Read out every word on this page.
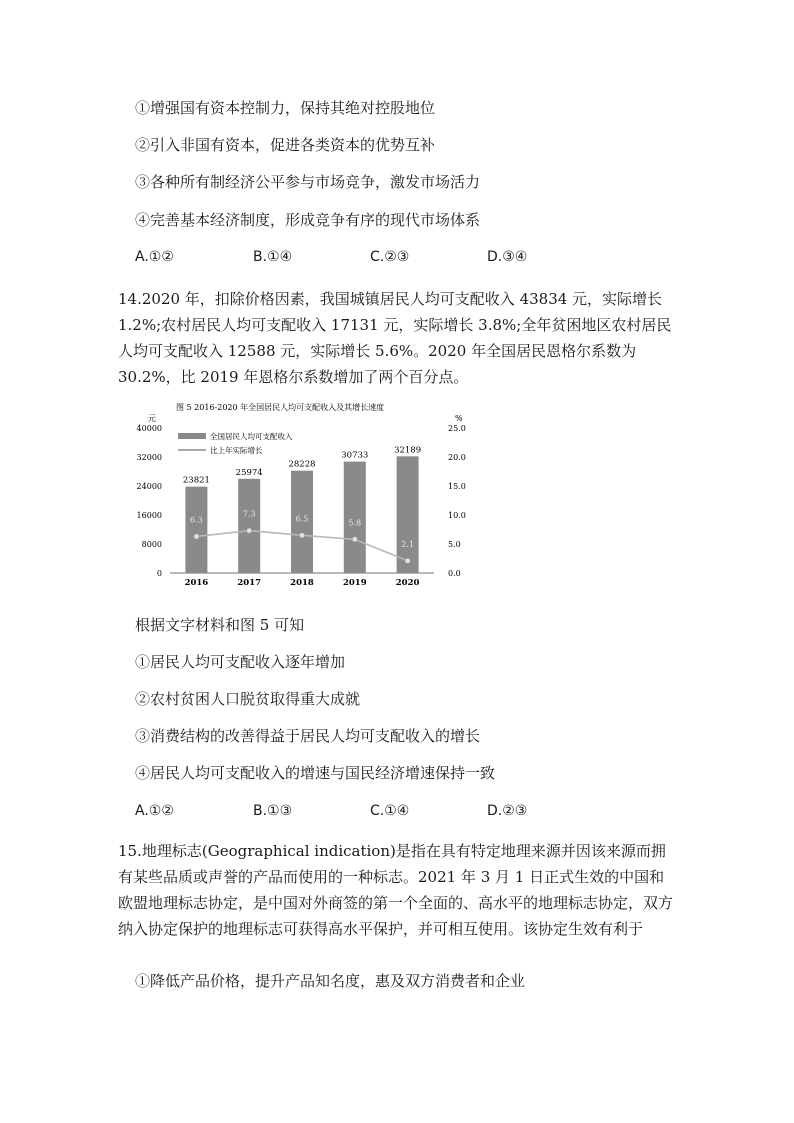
①增强国有资本控制力，保持其绝对控股地位
②引入非国有资本，促进各类资本的优势互补
③各种所有制经济公平参与市场竞争，激发市场活力
④完善基本经济制度，形成竞争有序的现代市场体系
A.①②	B.①④	C.②③	D.③④
14.2020 年，扣除价格因素，我国城镇居民人均可支配收入 43834 元，实际增长 1.2%;农村居民人均可支配收入 17131 元，实际增长 3.8%;全年贫困地区农村居民人均可支配收入 12588 元，实际增长 5.6%。2020 年全国居民恩格尔系数为 30.2%，比 2019 年恩格尔系数增加了两个百分点。
图 5 2016-2020 年全国居民人均可支配收入及其增长速度
元	%
40000
32000
24000
16000
8000
0
25.0
20.0
15.0
10.0
5.0
0.0
23821
25974
28228
30733
32189
6.3
7.3
6.5	5.8
2.1
2016	2017	2018	2019	2020
全国居民人均可支配收入
比上年实际增长
根据文字材料和图 5 可知
①居民人均可支配收入逐年增加
②农村贫困人口脱贫取得重大成就
③消费结构的改善得益于居民人均可支配收入的增长
④居民人均可支配收入的增速与国民经济增速保持一致
A.①②	B.①③	C.①④	D.②③
15.地理标志(Geographical indication)是指在具有特定地理来源并因该来源而拥有某些品质或声誉的产品而使用的一种标志。2021 年 3 月 1 日正式生效的中国和欧盟地理标志协定，是中国对外商签的第一个全面的、高水平的地理标志协定，双方纳入协定保护的地理标志可获得高水平保护，并可相互使用。该协定生效有利于
①降低产品价格，提升产品知名度，惠及双方消费者和企业
